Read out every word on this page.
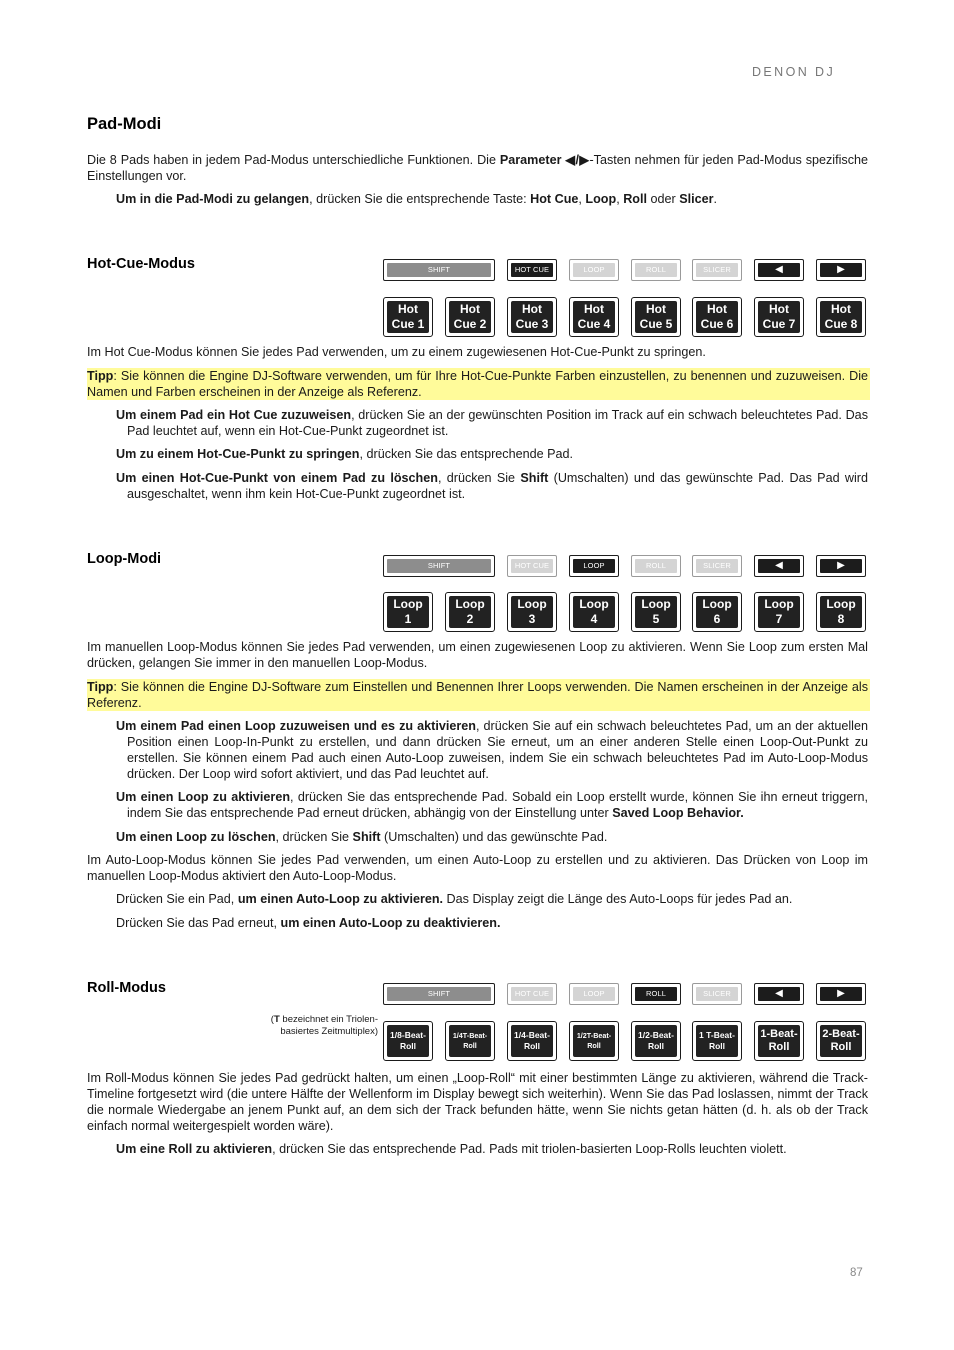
DENON DJ
Pad-Modi
Die 8 Pads haben in jedem Pad-Modus unterschiedliche Funktionen. Die Parameter ◀/▶-Tasten nehmen für jeden Pad-Modus spezifische Einstellungen vor.
Um in die Pad-Modi zu gelangen, drücken Sie die entsprechende Taste: Hot Cue, Loop, Roll oder Slicer.
Hot-Cue-Modus	SHIFT	HOT CUE	LOOP	ROLL	SLICER	◀	▶
Hot
Cue 1
Hot
Cue 2
Hot
Cue 3
Hot
Cue 4
Hot
Cue 5
Hot
Cue 6
Hot
Cue 7
Hot
Cue 8
Im Hot Cue-Modus können Sie jedes Pad verwenden, um zu einem zugewiesenen Hot-Cue-Punkt zu springen.
Tipp: Sie können die Engine DJ-Software verwenden, um für Ihre Hot-Cue-Punkte Farben einzustellen, zu benennen und zuzuweisen. Die Namen und Farben erscheinen in der Anzeige als Referenz.
Um einem Pad ein Hot Cue zuzuweisen, drücken Sie an der gewünschten Position im Track auf ein schwach beleuchtetes Pad. Das Pad leuchtet auf, wenn ein Hot-Cue-Punkt zugeordnet ist.
Um zu einem Hot-Cue-Punkt zu springen, drücken Sie das entsprechende Pad.
Um einen Hot-Cue-Punkt von einem Pad zu löschen, drücken Sie Shift (Umschalten) und das gewünschte Pad. Das Pad wird ausgeschaltet, wenn ihm kein Hot-Cue-Punkt zugeordnet ist.
Loop-Modi	SHIFT	HOT CUE	LOOP	ROLL	SLICER	◀	▶
Loop
1
Loop
2
Loop
3
Loop
4
Loop
5
Loop
6
Loop
7
Loop
8
Im manuellen Loop-Modus können Sie jedes Pad verwenden, um einen zugewiesenen Loop zu aktivieren. Wenn Sie Loop zum ersten Mal drücken, gelangen Sie immer in den manuellen Loop-Modus.
Tipp: Sie können die Engine DJ-Software zum Einstellen und Benennen Ihrer Loops verwenden. Die Namen erscheinen in der Anzeige als Referenz.
Um einem Pad einen Loop zuzuweisen und es zu aktivieren, drücken Sie auf ein schwach beleuchtetes Pad, um an der aktuellen Position einen Loop-In-Punkt zu erstellen, und dann drücken Sie erneut, um an einer anderen Stelle einen Loop-Out-Punkt zu erstellen. Sie können einem Pad auch einen Auto-Loop zuweisen, indem Sie ein schwach beleuchtetes Pad im Auto-Loop-Modus drücken. Der Loop wird sofort aktiviert, und das Pad leuchtet auf.
Um einen Loop zu aktivieren, drücken Sie das entsprechende Pad. Sobald ein Loop erstellt wurde, können Sie ihn erneut triggern, indem Sie das entsprechende Pad erneut drücken, abhängig von der Einstellung unter Saved Loop Behavior.
Um einen Loop zu löschen, drücken Sie Shift (Umschalten) und das gewünschte Pad.
Im Auto-Loop-Modus können Sie jedes Pad verwenden, um einen Auto-Loop zu erstellen und zu aktivieren. Das Drücken von Loop im manuellen Loop-Modus aktiviert den Auto-Loop-Modus.
Drücken Sie ein Pad, um einen Auto-Loop zu aktivieren. Das Display zeigt die Länge des Auto-Loops für jedes Pad an.
Drücken Sie das Pad erneut, um einen Auto-Loop zu deaktivieren.
Roll-Modus	SHIFT	HOT CUE	LOOP	ROLL	SLICER	◀	▶
(T bezeichnet ein Triolen-
basiertes Zeitmultiplex) 1/8-Beat-
Roll
1/4T-Beat-
Roll
1/4-Beat-
Roll
1/2T-Beat-
Roll
1/2-Beat-
Roll
1 T-Beat-
Roll
1-Beat-
Roll
2-Beat-
Roll
Im Roll-Modus können Sie jedes Pad gedrückt halten, um einen „Loop-Roll“ mit einer bestimmten Länge zu aktivieren, während die Track-Timeline fortgesetzt wird (die untere Hälfte der Wellenform im Display bewegt sich weiterhin). Wenn Sie das Pad loslassen, nimmt der Track die normale Wiedergabe an jenem Punkt auf, an dem sich der Track befunden hätte, wenn Sie nichts getan hätten (d. h. als ob der Track einfach normal weitergespielt worden wäre).
Um eine Roll zu aktivieren, drücken Sie das entsprechende Pad. Pads mit triolen-basierten Loop-Rolls leuchten violett.
87
